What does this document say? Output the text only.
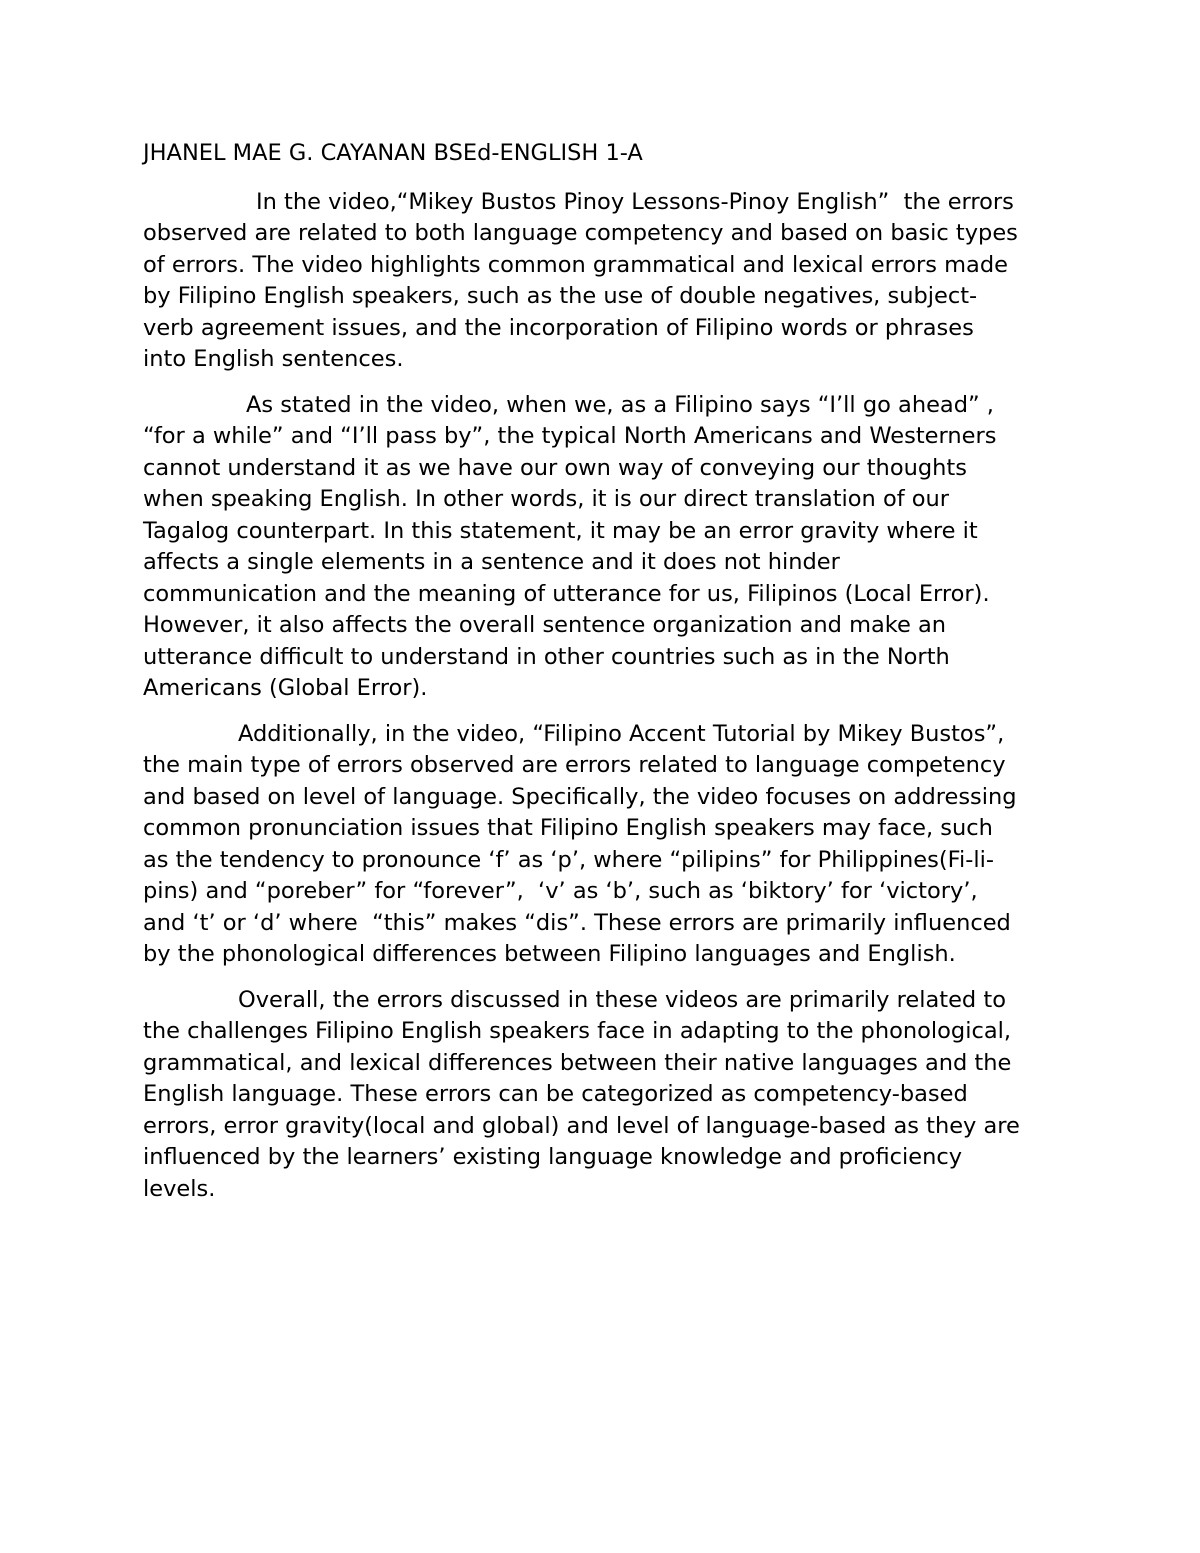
JHANEL MAE G. CAYANAN BSEd-ENGLISH 1-A
In the video,“Mikey Bustos Pinoy Lessons-Pinoy English”  the errors
observed are related to both language competency and based on basic types
of errors. The video highlights common grammatical and lexical errors made
by Filipino English speakers, such as the use of double negatives, subject-
verb agreement issues, and the incorporation of Filipino words or phrases
into English sentences.
As stated in the video, when we, as a Filipino says “I’ll go ahead” ,
“for a while” and “I’ll pass by”, the typical North Americans and Westerners
cannot understand it as we have our own way of conveying our thoughts
when speaking English. In other words, it is our direct translation of our
Tagalog counterpart. In this statement, it may be an error gravity where it
affects a single elements in a sentence and it does not hinder
communication and the meaning of utterance for us, Filipinos (Local Error).
However, it also affects the overall sentence organization and make an
utterance difficult to understand in other countries such as in the North
Americans (Global Error).
Additionally, in the video, “Filipino Accent Tutorial by Mikey Bustos”,
the main type of errors observed are errors related to language competency
and based on level of language. Specifically, the video focuses on addressing
common pronunciation issues that Filipino English speakers may face, such
as the tendency to pronounce ‘f’ as ‘p’, where “pilipins” for Philippines(Fi-li-
pins) and “poreber” for “forever”,  ‘v’ as ‘b’, such as ‘biktory’ for ‘victory’,
and ‘t’ or ‘d’ where  “this” makes “dis”. These errors are primarily influenced
by the phonological differences between Filipino languages and English.
Overall, the errors discussed in these videos are primarily related to
the challenges Filipino English speakers face in adapting to the phonological,
grammatical, and lexical differences between their native languages and the
English language. These errors can be categorized as competency-based
errors, error gravity(local and global) and level of language-based as they are
influenced by the learners’ existing language knowledge and proficiency
levels.
